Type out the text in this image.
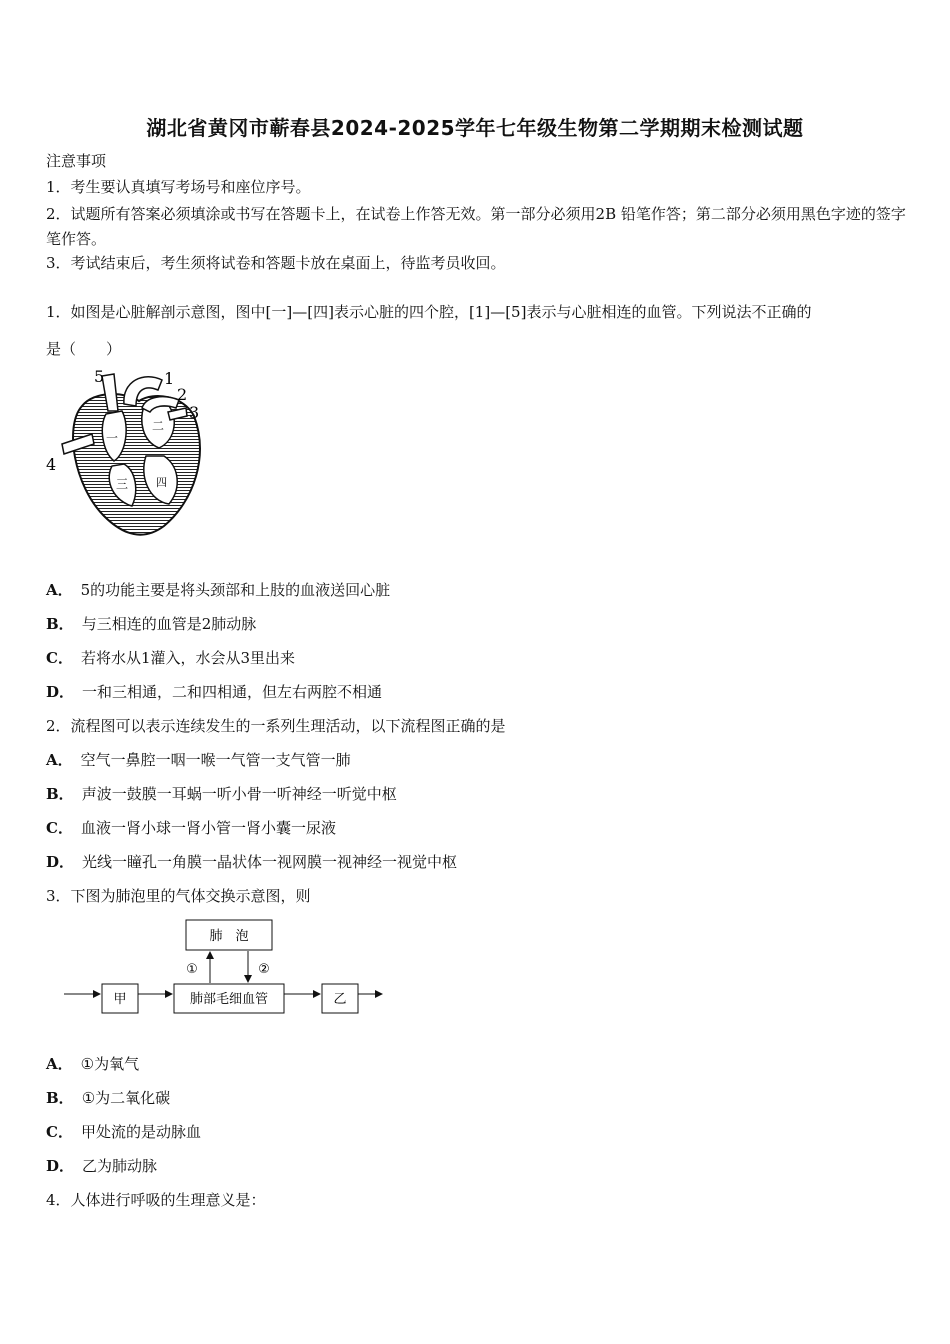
湖北省黄冈市蕲春县2024-2025学年七年级生物第二学期期末检测试题
注意事项
1．考生要认真填写考场号和座位序号。
2．试题所有答案必须填涂或书写在答题卡上，在试卷上作答无效。第一部分必须用2B 铅笔作答；第二部分必须用黑色字迹的签字笔作答。
3．考试结束后，考生须将试卷和答题卡放在桌面上，待监考员收回。
1．如图是心脏解剖示意图，图中[一]—[四]表示心脏的四个腔，[1]—[5]表示与心脏相连的血管。下列说法不正确的
是（　　）
5	1
2
3
4
一
二
三	四
A． 5的功能主要是将头颈部和上肢的血液送回心脏
B． 与三相连的血管是2肺动脉
C． 若将水从1灌入，水会从3里出来
D． 一和三相通，二和四相通，但左右两腔不相通
2．流程图可以表示连续发生的一系列生理活动，以下流程图正确的是
A． 空气一鼻腔一咽一喉一气管一支气管一肺
B． 声波一鼓膜一耳蜗一听小骨一听神经一听觉中枢
C． 血液一肾小球一肾小管一肾小囊一尿液
D． 光线一瞳孔一角膜一晶状体一视网膜一视神经一视觉中枢
3．下图为肺泡里的气体交换示意图，则
肺　泡
肺部毛细血管
甲	乙
①	②
A． ①为氧气
B． ①为二氧化碳
C． 甲处流的是动脉血
D． 乙为肺动脉
4．人体进行呼吸的生理意义是：
